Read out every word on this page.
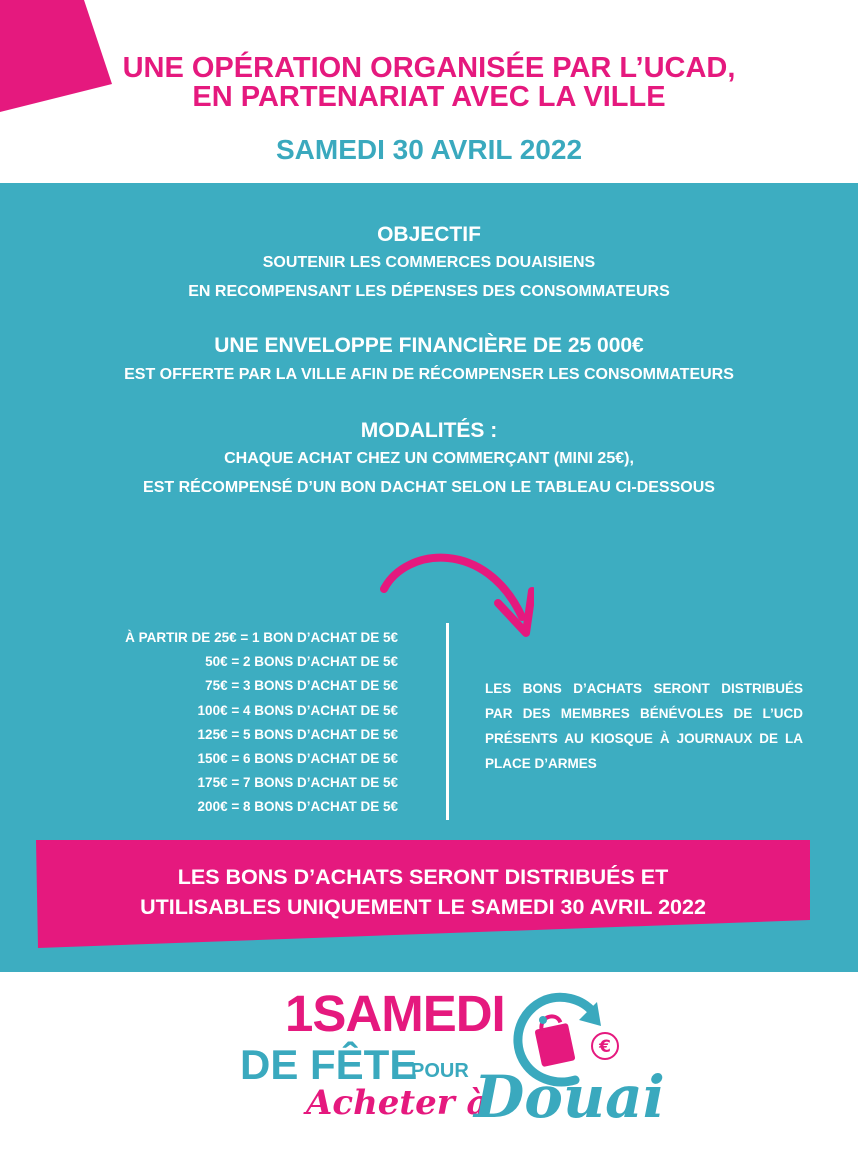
UNE OPÉRATION ORGANISÉE PAR L’UCAD,
EN PARTENARIAT AVEC LA VILLE
SAMEDI 30 AVRIL 2022
OBJECTIF
SOUTENIR LES COMMERCES DOUAISIENS
EN RECOMPENSANT LES DÉPENSES DES CONSOMMATEURS
UNE ENVELOPPE FINANCIÈRE DE 25 000€
EST OFFERTE PAR LA VILLE AFIN DE RÉCOMPENSER LES CONSOMMATEURS
MODALITÉS :
CHAQUE ACHAT CHEZ UN COMMERÇANT (MINI 25€),
EST RÉCOMPENSÉ D’UN BON DACHAT SELON LE TABLEAU CI-DESSOUS
À PARTIR DE 25€ = 1 BON D’ACHAT DE 5€
50€ = 2 BONS D’ACHAT DE 5€
75€ = 3 BONS D’ACHAT DE 5€
100€ = 4 BONS D’ACHAT DE 5€
125€ = 5 BONS D’ACHAT DE 5€
150€ = 6 BONS D’ACHAT DE 5€
175€ = 7 BONS D’ACHAT DE 5€
200€ = 8 BONS D’ACHAT DE 5€
LES BONS D’ACHATS SERONT DISTRIBUÉS PAR DES MEMBRES BÉNÉVOLES DE L’UCD PRÉSENTS AU KIOSQUE À JOURNAUX DE LA PLACE D’ARMES
LES BONS D’ACHATS SERONT DISTRIBUÉS ET
UTILISABLES UNIQUEMENT LE SAMEDI 30 AVRIL 2022
1SAMEDI
DE FÊTE
POUR
Acheter à
Douai
€
